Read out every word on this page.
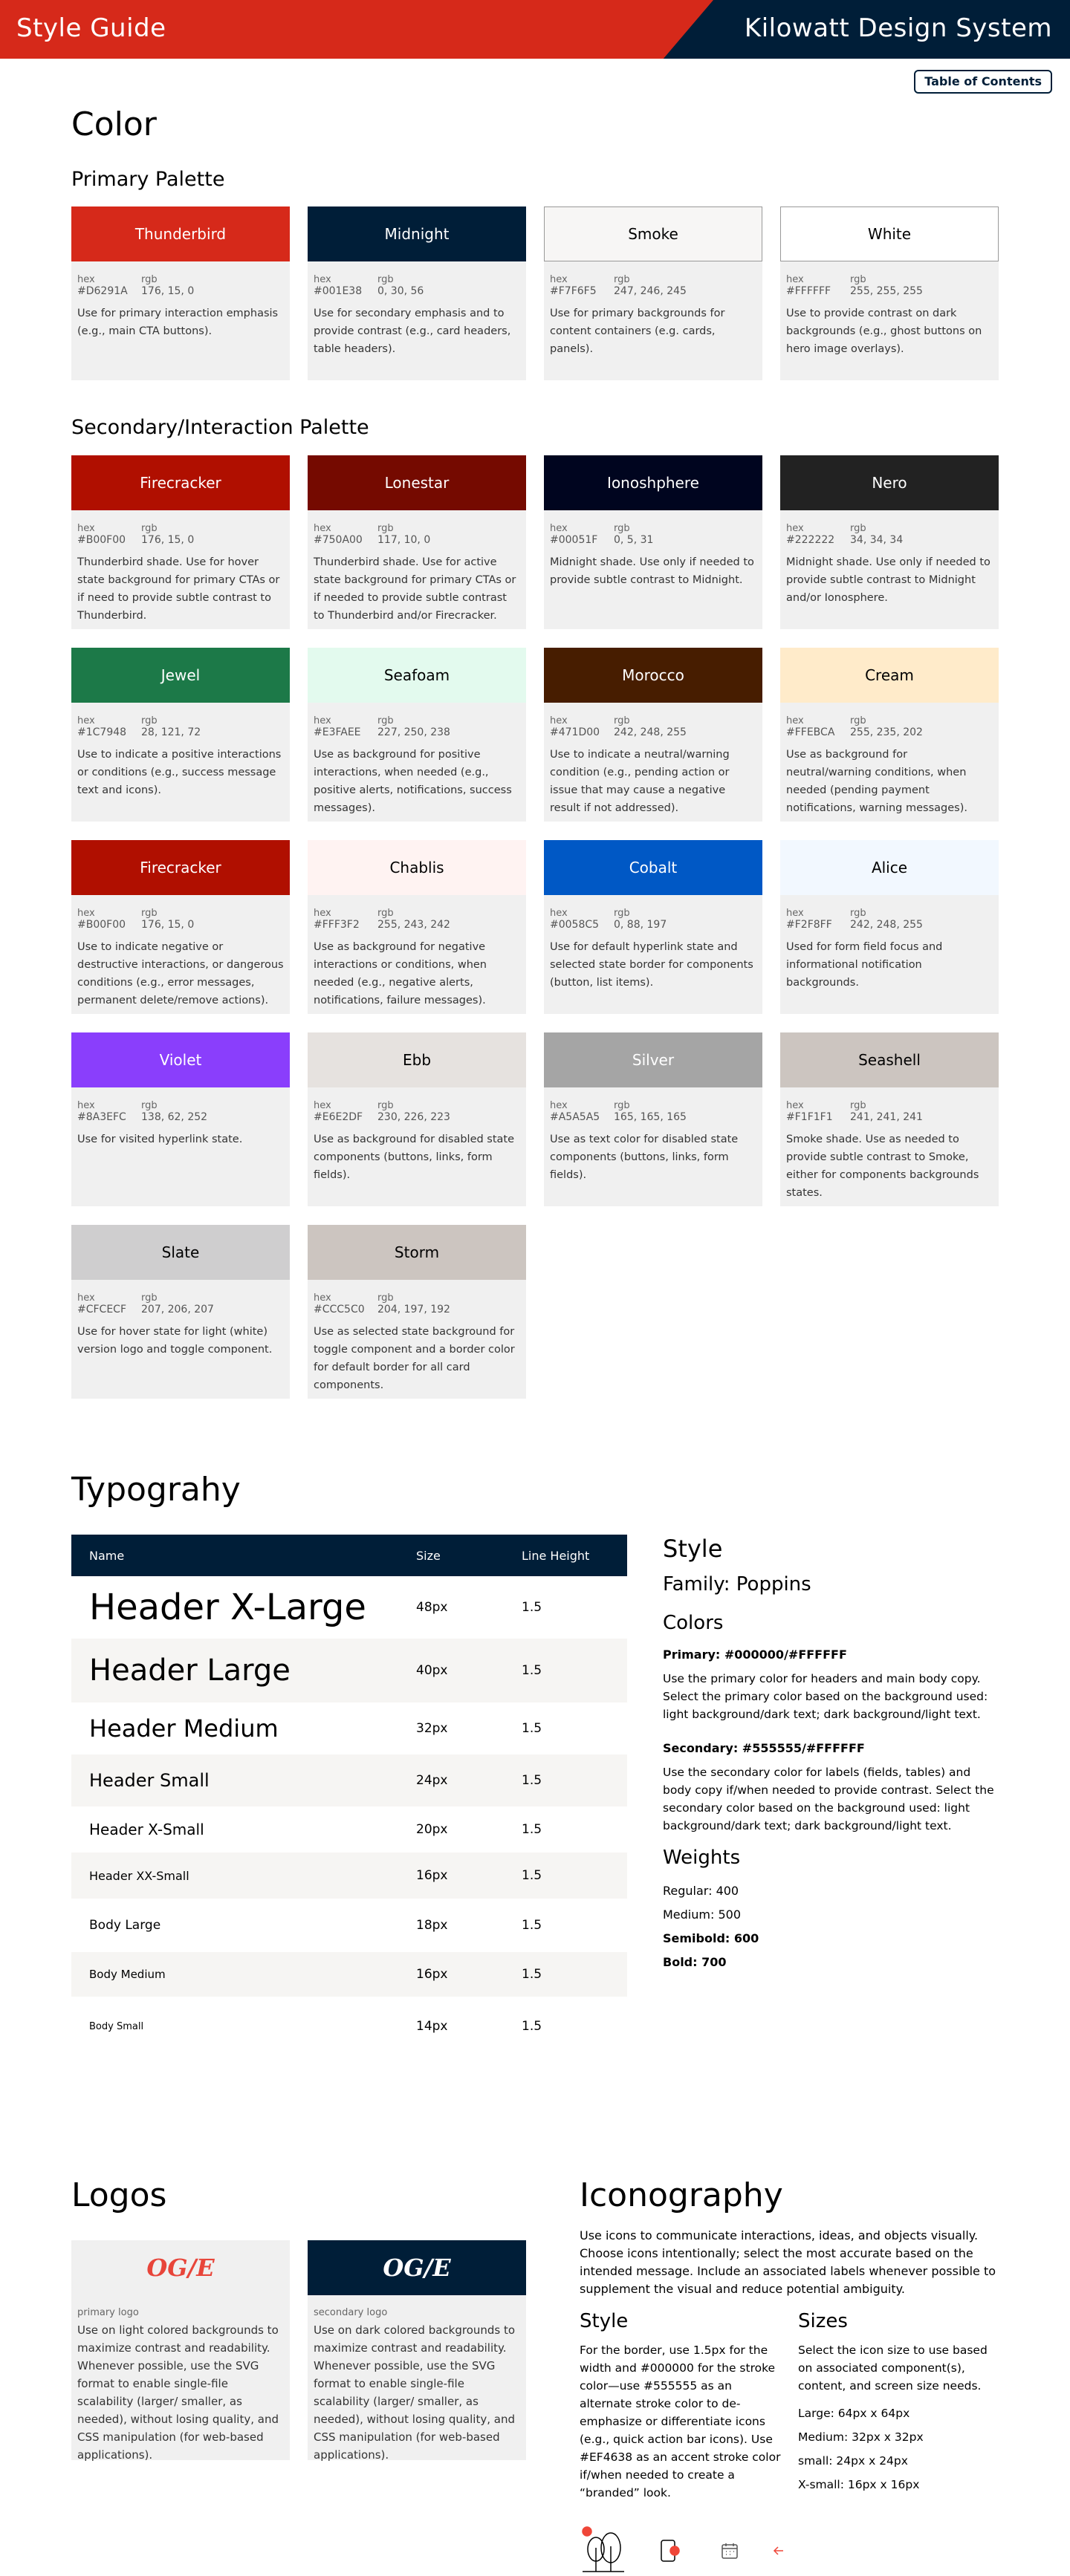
Style Guide	Kilowatt Design System
Table of Contents
Color
Primary Palette
Secondary/Interaction Palette
Thunderbird
hex	rgb
#D6291A	176, 15, 0
Use for primary interaction emphasis (e.g., main CTA buttons).
Midnight
hex	rgb
#001E38	0, 30, 56
Use for secondary emphasis and to provide contrast (e.g., card headers, table headers).
Smoke
hex	rgb
#F7F6F5	247, 246, 245
Use for primary backgrounds for content containers (e.g. cards, panels).
White
hex	rgb
#FFFFFF	255, 255, 255
Use to provide contrast on dark backgrounds (e.g., ghost buttons on hero image overlays).
Firecracker
hex	rgb
#B00F00	176, 15, 0
Thunderbird shade. Use for hover state background for primary CTAs or if need to provide subtle contrast to Thunderbird.
Lonestar
hex	rgb
#750A00	117, 10, 0
Thunderbird shade. Use for active state background for primary CTAs or if needed to provide subtle contrast to Thunderbird and/or Firecracker.
Ionoshphere
hex	rgb
#00051F	0, 5, 31
Midnight shade. Use only if needed to provide subtle contrast to Midnight.
Nero
hex	rgb
#222222	34, 34, 34
Midnight shade. Use only if needed to provide subtle contrast to Midnight and/or Ionosphere.
Jewel
hex	rgb
#1C7948	28, 121, 72
Use to indicate a positive interactions or conditions (e.g., success message text and icons).
Seafoam
hex	rgb
#E3FAEE	227, 250, 238
Use as background for positive interactions, when needed (e.g., positive alerts, notifications, success messages).
Morocco
hex	rgb
#471D00	242, 248, 255
Use to indicate a neutral/warning condition (e.g., pending action or issue that may cause a negative result if not addressed).
Cream
hex	rgb
#FFEBCA	255, 235, 202
Use as background for neutral/warning conditions, when needed (pending payment notifications, warning messages).
Firecracker
hex	rgb
#B00F00	176, 15, 0
Use to indicate negative or destructive interactions, or dangerous conditions (e.g., error messages, permanent delete/remove actions).
Chablis
hex	rgb
#FFF3F2	255, 243, 242
Use as background for negative interactions or conditions, when needed (e.g., negative alerts, notifications, failure messages).
Cobalt
hex	rgb
#0058C5	0, 88, 197
Use for default hyperlink state and selected state border for components (button, list items).
Alice
hex	rgb
#F2F8FF	242, 248, 255
Used for form field focus and informational notification backgrounds.
Violet
hex	rgb
#8A3EFC	138, 62, 252
Use for visited hyperlink state.
Ebb
hex	rgb
#E6E2DF	230, 226, 223
Use as background for disabled state components (buttons, links, form fields).
Silver
hex	rgb
#A5A5A5	165, 165, 165
Use as text color for disabled state components (buttons, links, form fields).
Seashell
hex	rgb
#F1F1F1	241, 241, 241
Smoke shade. Use as needed to provide subtle contrast to Smoke, either for components backgrounds states.
Slate
hex	rgb
#CFCECF	207, 206, 207
Use for hover state for light (white) version logo and toggle component.
Storm
hex	rgb
#CCC5C0	204, 197, 192
Use as selected state background for toggle component and a border color for default border for all card components.
Typograhy
Name	Size	Line Height
Header X-Large	48px	1.5
Header Large	40px	1.5
Header Medium	32px	1.5
Header Small	24px	1.5
Header X-Small	20px	1.5
Header XX-Small	16px	1.5
Body Large	18px	1.5
Body Medium	16px	1.5
Body Small	14px	1.5
Style
Family: Poppins
Colors
Primary: #000000/#FFFFFF
Use the primary color for headers and main body copy. Select the primary color based on the background used: light background/dark text; dark background/light text.
Secondary: #555555/#FFFFFF
Use the secondary color for labels (fields, tables) and body copy if/when needed to provide contrast. Select the secondary color based on the background used: light background/dark text; dark background/light text.
Weights
Regular: 400
Medium: 500
Semibold: 600
Bold: 700
Logos
OG/E
primary logo
Use on light colored backgrounds to maximize contrast and readability. Whenever possible, use the SVG format to enable single-file scalability (larger/ smaller, as needed), without losing quality, and CSS manipulation (for web-based applications).
OG/E
secondary logo
Use on dark colored backgrounds to maximize contrast and readability. Whenever possible, use the SVG format to enable single-file scalability (larger/ smaller, as needed), without losing quality, and CSS manipulation (for web-based applications).
Iconography
Use icons to communicate interactions, ideas, and objects visually. Choose icons intentionally; select the most accurate based on the intended message. Include an associated labels whenever possible to supplement the visual and reduce potential ambiguity.
Style
For the border, use 1.5px for the width and #000000 for the stroke color—use #555555 as an alternate stroke color to de-emphasize or differentiate icons (e.g., quick action bar icons). Use #EF4638 as an accent stroke color if/when needed to create a “branded” look.
Sizes
Select the icon size to use based on associated component(s), content, and screen size needs.
Large: 64px x 64px
Medium: 32px x 32px
small: 24px x 24px
X-small: 16px x 16px
